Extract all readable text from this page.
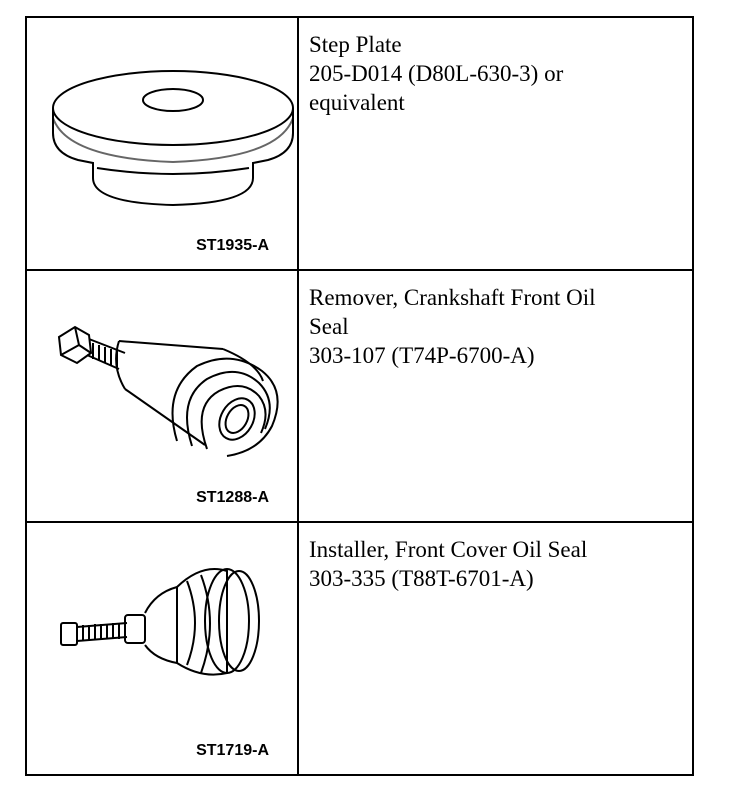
ST1935-A	Step Plate
205-D014 (D80L-630-3) or
equivalent

ST1288-A	Remover, Crankshaft Front Oil
Seal
303-107 (T74P-6700-A)

ST1719-A	Installer, Front Cover Oil Seal
303-335 (T88T-6701-A)
